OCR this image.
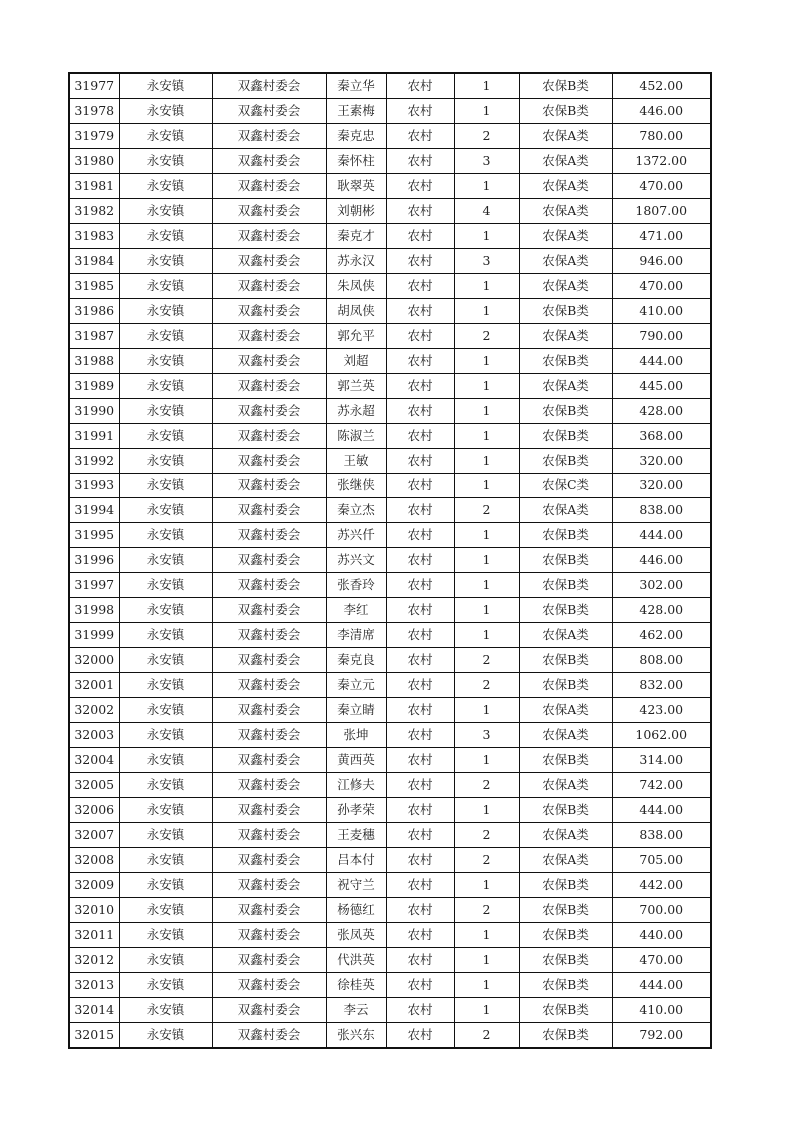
31977	永安镇	双鑫村委会	秦立华	农村	1	农保B类	452.00
31978	永安镇	双鑫村委会	王素梅	农村	1	农保B类	446.00
31979	永安镇	双鑫村委会	秦克忠	农村	2	农保A类	780.00
31980	永安镇	双鑫村委会	秦怀柱	农村	3	农保A类	1372.00
31981	永安镇	双鑫村委会	耿翠英	农村	1	农保A类	470.00
31982	永安镇	双鑫村委会	刘朝彬	农村	4	农保A类	1807.00
31983	永安镇	双鑫村委会	秦克才	农村	1	农保A类	471.00
31984	永安镇	双鑫村委会	苏永汉	农村	3	农保A类	946.00
31985	永安镇	双鑫村委会	朱凤侠	农村	1	农保A类	470.00
31986	永安镇	双鑫村委会	胡凤侠	农村	1	农保B类	410.00
31987	永安镇	双鑫村委会	郭允平	农村	2	农保A类	790.00
31988	永安镇	双鑫村委会	刘超	农村	1	农保B类	444.00
31989	永安镇	双鑫村委会	郭兰英	农村	1	农保A类	445.00
31990	永安镇	双鑫村委会	苏永超	农村	1	农保B类	428.00
31991	永安镇	双鑫村委会	陈淑兰	农村	1	农保B类	368.00
31992	永安镇	双鑫村委会	王敏	农村	1	农保B类	320.00
31993	永安镇	双鑫村委会	张继侠	农村	1	农保C类	320.00
31994	永安镇	双鑫村委会	秦立杰	农村	2	农保A类	838.00
31995	永安镇	双鑫村委会	苏兴仟	农村	1	农保B类	444.00
31996	永安镇	双鑫村委会	苏兴文	农村	1	农保B类	446.00
31997	永安镇	双鑫村委会	张香玲	农村	1	农保B类	302.00
31998	永安镇	双鑫村委会	李红	农村	1	农保B类	428.00
31999	永安镇	双鑫村委会	李清席	农村	1	农保A类	462.00
32000	永安镇	双鑫村委会	秦克良	农村	2	农保B类	808.00
32001	永安镇	双鑫村委会	秦立元	农村	2	农保B类	832.00
32002	永安镇	双鑫村委会	秦立睛	农村	1	农保A类	423.00
32003	永安镇	双鑫村委会	张坤	农村	3	农保A类	1062.00
32004	永安镇	双鑫村委会	黄西英	农村	1	农保B类	314.00
32005	永安镇	双鑫村委会	江修夫	农村	2	农保A类	742.00
32006	永安镇	双鑫村委会	孙孝荣	农村	1	农保B类	444.00
32007	永安镇	双鑫村委会	王麦穗	农村	2	农保A类	838.00
32008	永安镇	双鑫村委会	吕本付	农村	2	农保A类	705.00
32009	永安镇	双鑫村委会	祝守兰	农村	1	农保B类	442.00
32010	永安镇	双鑫村委会	杨德红	农村	2	农保B类	700.00
32011	永安镇	双鑫村委会	张凤英	农村	1	农保B类	440.00
32012	永安镇	双鑫村委会	代洪英	农村	1	农保B类	470.00
32013	永安镇	双鑫村委会	徐桂英	农村	1	农保B类	444.00
32014	永安镇	双鑫村委会	李云	农村	1	农保B类	410.00
32015	永安镇	双鑫村委会	张兴东	农村	2	农保B类	792.00
